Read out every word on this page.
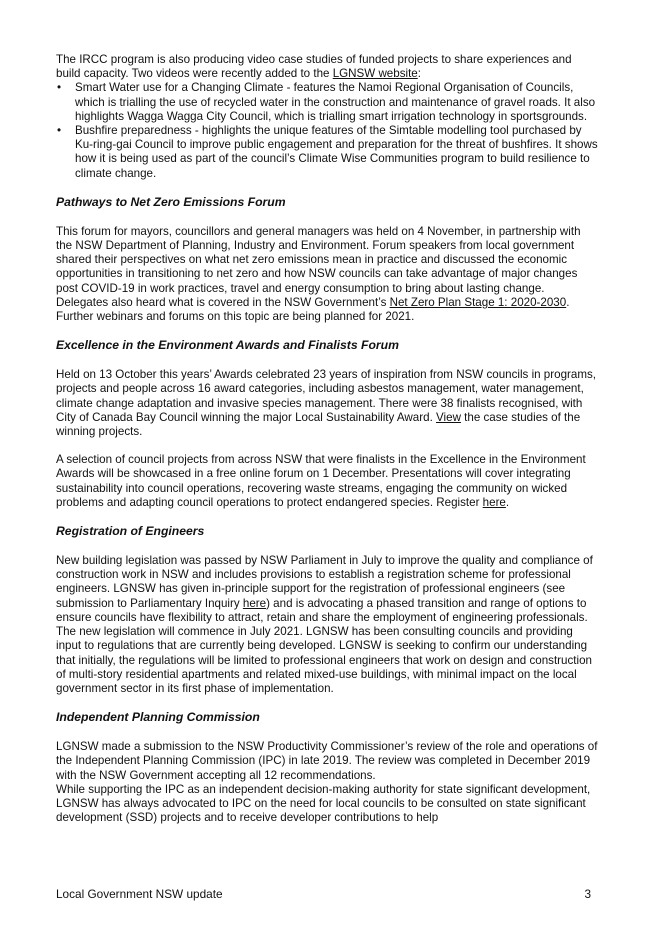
The IRCC program is also producing video case studies of funded projects to share experiences and build capacity. Two videos were recently added to the LGNSW website:

• Smart Water use for a Changing Climate - features the Namoi Regional Organisation of Councils, which is trialling the use of recycled water in the construction and maintenance of gravel roads. It also highlights Wagga Wagga City Council, which is trialling smart irrigation technology in sportsgrounds.
• Bushfire preparedness - highlights the unique features of the Simtable modelling tool purchased by Ku-ring-gai Council to improve public engagement and preparation for the threat of bushfires. It shows how it is being used as part of the council’s Climate Wise Communities program to build resilience to climate change.
Pathways to Net Zero Emissions Forum

This forum for mayors, councillors and general managers was held on 4 November, in partnership with the NSW Department of Planning, Industry and Environment. Forum speakers from local government shared their perspectives on what net zero emissions mean in practice and discussed the economic opportunities in transitioning to net zero and how NSW councils can take advantage of major changes post COVID-19 in work practices, travel and energy consumption to bring about lasting change. Delegates also heard what is covered in the NSW Government’s Net Zero Plan Stage 1: 2020-2030. Further webinars and forums on this topic are being planned for 2021.

Excellence in the Environment Awards and Finalists Forum

Held on 13 October this years’ Awards celebrated 23 years of inspiration from NSW councils in programs, projects and people across 16 award categories, including asbestos management, water management, climate change adaptation and invasive species management. There were 38 finalists recognised, with City of Canada Bay Council winning the major Local Sustainability Award. View the case studies of the winning projects.

A selection of council projects from across NSW that were finalists in the Excellence in the Environment Awards will be showcased in a free online forum on 1 December. Presentations will cover integrating sustainability into council operations, recovering waste streams, engaging the community on wicked problems and adapting council operations to protect endangered species. Register here.

Registration of Engineers

New building legislation was passed by NSW Parliament in July to improve the quality and compliance of construction work in NSW and includes provisions to establish a registration scheme for professional engineers. LGNSW has given in-principle support for the registration of professional engineers (see submission to Parliamentary Inquiry here) and is advocating a phased transition and range of options to ensure councils have flexibility to attract, retain and share the employment of engineering professionals. The new legislation will commence in July 2021. LGNSW has been consulting councils and providing input to regulations that are currently being developed. LGNSW is seeking to confirm our understanding that initially, the regulations will be limited to professional engineers that work on design and construction of multi-story residential apartments and related mixed-use buildings, with minimal impact on the local government sector in its first phase of implementation.

Independent Planning Commission

LGNSW made a submission to the NSW Productivity Commissioner’s review of the role and operations of the Independent Planning Commission (IPC) in late 2019. The review was completed in December 2019 with the NSW Government accepting all 12 recommendations.

While supporting the IPC as an independent decision-making authority for state significant development, LGNSW has always advocated to IPC on the need for local councils to be consulted on state significant development (SSD) projects and to receive developer contributions to help

Local Government NSW update	3
